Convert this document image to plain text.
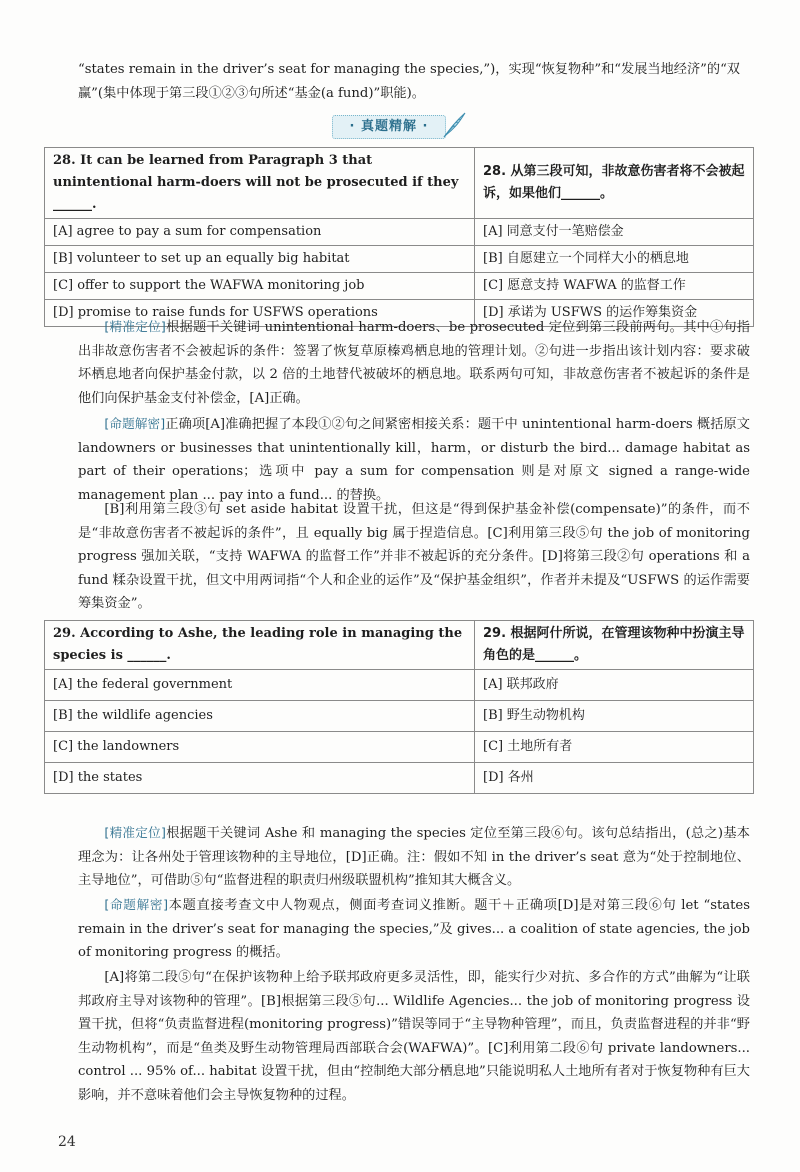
“states remain in the driver’s seat for managing the species,”)，实现“恢复物种”和“发展当地经济”的“双
赢”(集中体现于第三段①②③句所述“基金(a fund)”职能)。

· 真题精解 ·
28. It can be learned from Paragraph 3 that unintentional harm-doers will not be prosecuted if they ______.	28. 从第三段可知，非故意伤害者将不会被起诉，如果他们______。
[A] agree to pay a sum for compensation	[A] 同意支付一笔赔偿金
[B] volunteer to set up an equally big habitat	[B] 自愿建立一个同样大小的栖息地
[C] offer to support the WAFWA monitoring job	[C] 愿意支持 WAFWA 的监督工作
[D] promise to raise funds for USFWS operations	[D] 承诺为 USFWS 的运作筹集资金

[精准定位]根据题干关键词 unintentional harm-doers、be prosecuted 定位到第三段前两句。其中①句指出非故意伤害者不会被起诉的条件：签署了恢复草原榛鸡栖息地的管理计划。②句进一步指出该计划内容：要求破坏栖息地者向保护基金付款，以 2 倍的土地替代被破坏的栖息地。联系两句可知，非故意伤害者不被起诉的条件是他们向保护基金支付补偿金，[A]正确。

[命题解密]正确项[A]准确把握了本段①②句之间紧密相接关系：题干中 unintentional harm-doers 概括原文 landowners or businesses that unintentionally kill，harm，or disturb the bird... damage habitat as part of their operations；选项中 pay a sum for compensation 则是对原文 signed a range-wide management plan ... pay into a fund... 的替换。

[B]利用第三段③句 set aside habitat 设置干扰，但这是“得到保护基金补偿(compensate)”的条件，而不是“非故意伤害者不被起诉的条件”，且 equally big 属于捏造信息。[C]利用第三段⑤句 the job of monitoring progress 强加关联，“支持 WAFWA 的监督工作”并非不被起诉的充分条件。[D]将第三段②句 operations 和 a fund 糅杂设置干扰，但文中用两词指“个人和企业的运作”及“保护基金组织”，作者并未提及“USFWS 的运作需要筹集资金”。

29. According to Ashe, the leading role in managing the species is ______.	29. 根据阿什所说，在管理该物种中扮演主导角色的是______。
[A] the federal government	[A] 联邦政府
[B] the wildlife agencies	[B] 野生动物机构
[C] the landowners	[C] 土地所有者
[D] the states	[D] 各州

[精准定位]根据题干关键词 Ashe 和 managing the species 定位至第三段⑥句。该句总结指出，(总之)基本理念为：让各州处于管理该物种的主导地位，[D]正确。注：假如不知 in the driver’s seat 意为“处于控制地位、主导地位”，可借助⑤句“监督进程的职责归州级联盟机构”推知其大概含义。

[命题解密]本题直接考查文中人物观点，侧面考查词义推断。题干＋正确项[D]是对第三段⑥句 let “states remain in the driver’s seat for managing the species,”及 gives... a coalition of state agencies, the job of monitoring progress 的概括。

[A]将第二段⑤句“在保护该物种上给予联邦政府更多灵活性，即，能实行少对抗、多合作的方式”曲解为“让联邦政府主导对该物种的管理”。[B]根据第三段⑤句... Wildlife Agencies... the job of monitoring progress 设置干扰，但将“负责监督进程(monitoring progress)”错误等同于“主导物种管理”，而且，负责监督进程的并非“野生动物机构”，而是“鱼类及野生动物管理局西部联合会(WAFWA)”。[C]利用第二段⑥句 private landowners... control ... 95% of... habitat 设置干扰，但由“控制绝大部分栖息地”只能说明私人土地所有者对于恢复物种有巨大影响，并不意味着他们会主导恢复物种的过程。

24
